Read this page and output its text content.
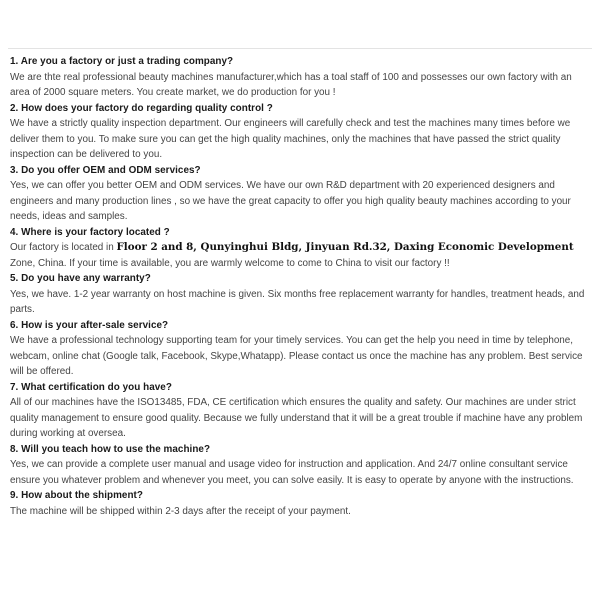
1. Are you a factory or just a trading company?

We are thte real professional beauty machines manufacturer,which has a toal staff of 100 and possesses our own factory with an area of 2000 square meters. You create market, we do production for you !

2. How does your factory do regarding quality control ?

We have a strictly quality inspection department. Our engineers will carefully check and test the machines many times before we deliver them to you. To make sure you can get the high quality machines, only the machines that have passed the strict quality inspection can be delivered to you.

3. Do you offer OEM and ODM services?

Yes, we can offer you better OEM and ODM services. We have our own R&D department with 20 experienced designers and engineers and many production lines , so we have the great capacity to offer you high quality beauty machines according to your needs, ideas and samples.

4. Where is your factory located ?

Our factory is located in Floor 2 and 8, Qunyinghui Bldg, Jinyuan Rd.32, Daxing Economic Development Zone, China. If your time is available, you are warmly welcome to come to China to visit our factory !!

5. Do you have any warranty?

Yes, we have. 1-2 year warranty on host machine is given. Six months free replacement warranty for handles, treatment heads, and parts.

6. How is your after-sale service?

We have a professional technology supporting team for your timely services. You can get the help you need in time by telephone, webcam, online chat (Google talk, Facebook, Skype,Whatapp). Please contact us once the machine has any problem. Best service will be offered.

7. What certification do you have?

All of our machines have the ISO13485, FDA, CE certification which ensures the quality and safety. Our machines are under strict quality management to ensure good quality. Because we fully understand that it will be a great trouble if machine have any problem during working at oversea.

8. Will you teach how to use the machine?

Yes, we can provide a complete user manual and usage video for instruction and application. And 24/7 online consultant service ensure you whatever problem and whenever you meet, you can solve easily. It is easy to operate by anyone with the instructions.

9. How about the shipment?

The machine will be shipped within 2-3 days after the receipt of your payment.
